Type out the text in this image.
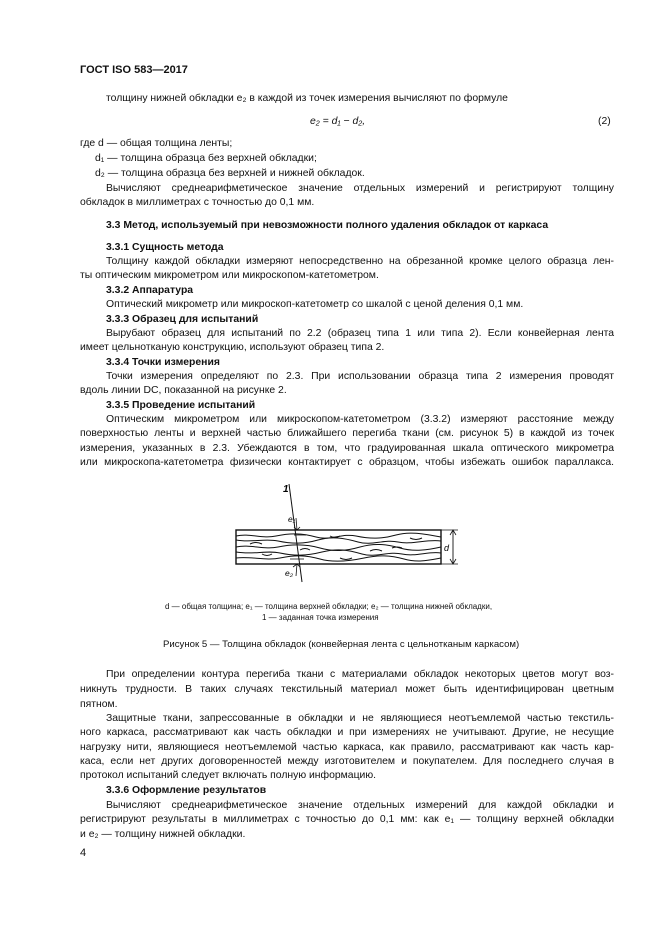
ГОСТ ISO 583—2017
толщину нижней обкладки e₂ в каждой из точек измерения вычисляют по формуле
e₂ = d₁ − d₂,	(2)
где d — общая толщина ленты;
d₁ — толщина образца без верхней обкладки;
d₂ — толщина образца без верхней и нижней обкладок.
Вычисляют среднеарифметическое значение отдельных измерений и регистрируют толщину
обкладок в миллиметрах с точностью до 0,1 мм.
3.3 Метод, используемый при невозможности полного удаления обкладок от каркаса
3.3.1 Сущность метода
Толщину каждой обкладки измеряют непосредственно на обрезанной кромке целого образца лен-
ты оптическим микрометром или микроскопом-катетометром.
3.3.2 Аппаратура
Оптический микрометр или микроскоп-катетометр со шкалой с ценой деления 0,1 мм.
3.3.3 Образец для испытаний
Вырубают образец для испытаний по 2.2 (образец типа 1 или типа 2). Если конвейерная лента
имеет цельнотканую конструкцию, используют образец типа 2.
3.3.4 Точки измерения
Точки измерения определяют по 2.3. При использовании образца типа 2 измерения проводят
вдоль линии DC, показанной на рисунке 2.
3.3.5 Проведение испытаний
Оптическим микрометром или микроскопом-катетометром (3.3.2) измеряют расстояние между
поверхностью ленты и верхней частью ближайшего перегиба ткани (см. рисунок 5) в каждой из точек
измерения, указанных в 2.3. Убеждаются в том, что градуированная шкала оптического микрометра
или микроскопа-катетометра физически контактирует с образцом, чтобы избежать ошибок параллакса.
1
e₁
e₂
d
d — общая толщина; e₁ — толщина верхней обкладки; e₂ — толщина нижней обкладки,
1 — заданная точка измерения
Рисунок 5 — Толщина обкладок (конвейерная лента с цельнотканым каркасом)
При определении контура перегиба ткани с материалами обкладок некоторых цветов могут воз-
никнуть трудности. В таких случаях текстильный материал может быть идентифицирован цветным
пятном.
Защитные ткани, запрессованные в обкладки и не являющиеся неотъемлемой частью текстиль-
ного каркаса, рассматривают как часть обкладки и при измерениях не учитывают. Другие, не несущие
нагрузку нити, являющиеся неотъемлемой частью каркаса, как правило, рассматривают как часть кар-
каса, если нет других договоренностей между изготовителем и покупателем. Для последнего случая в
протокол испытаний следует включать полную информацию.
3.3.6 Оформление результатов
Вычисляют среднеарифметическое значение отдельных измерений для каждой обкладки и
регистрируют результаты в миллиметрах с точностью до 0,1 мм: как e₁ — толщину верхней обкладки
и e₂ — толщину нижней обкладки.
4
